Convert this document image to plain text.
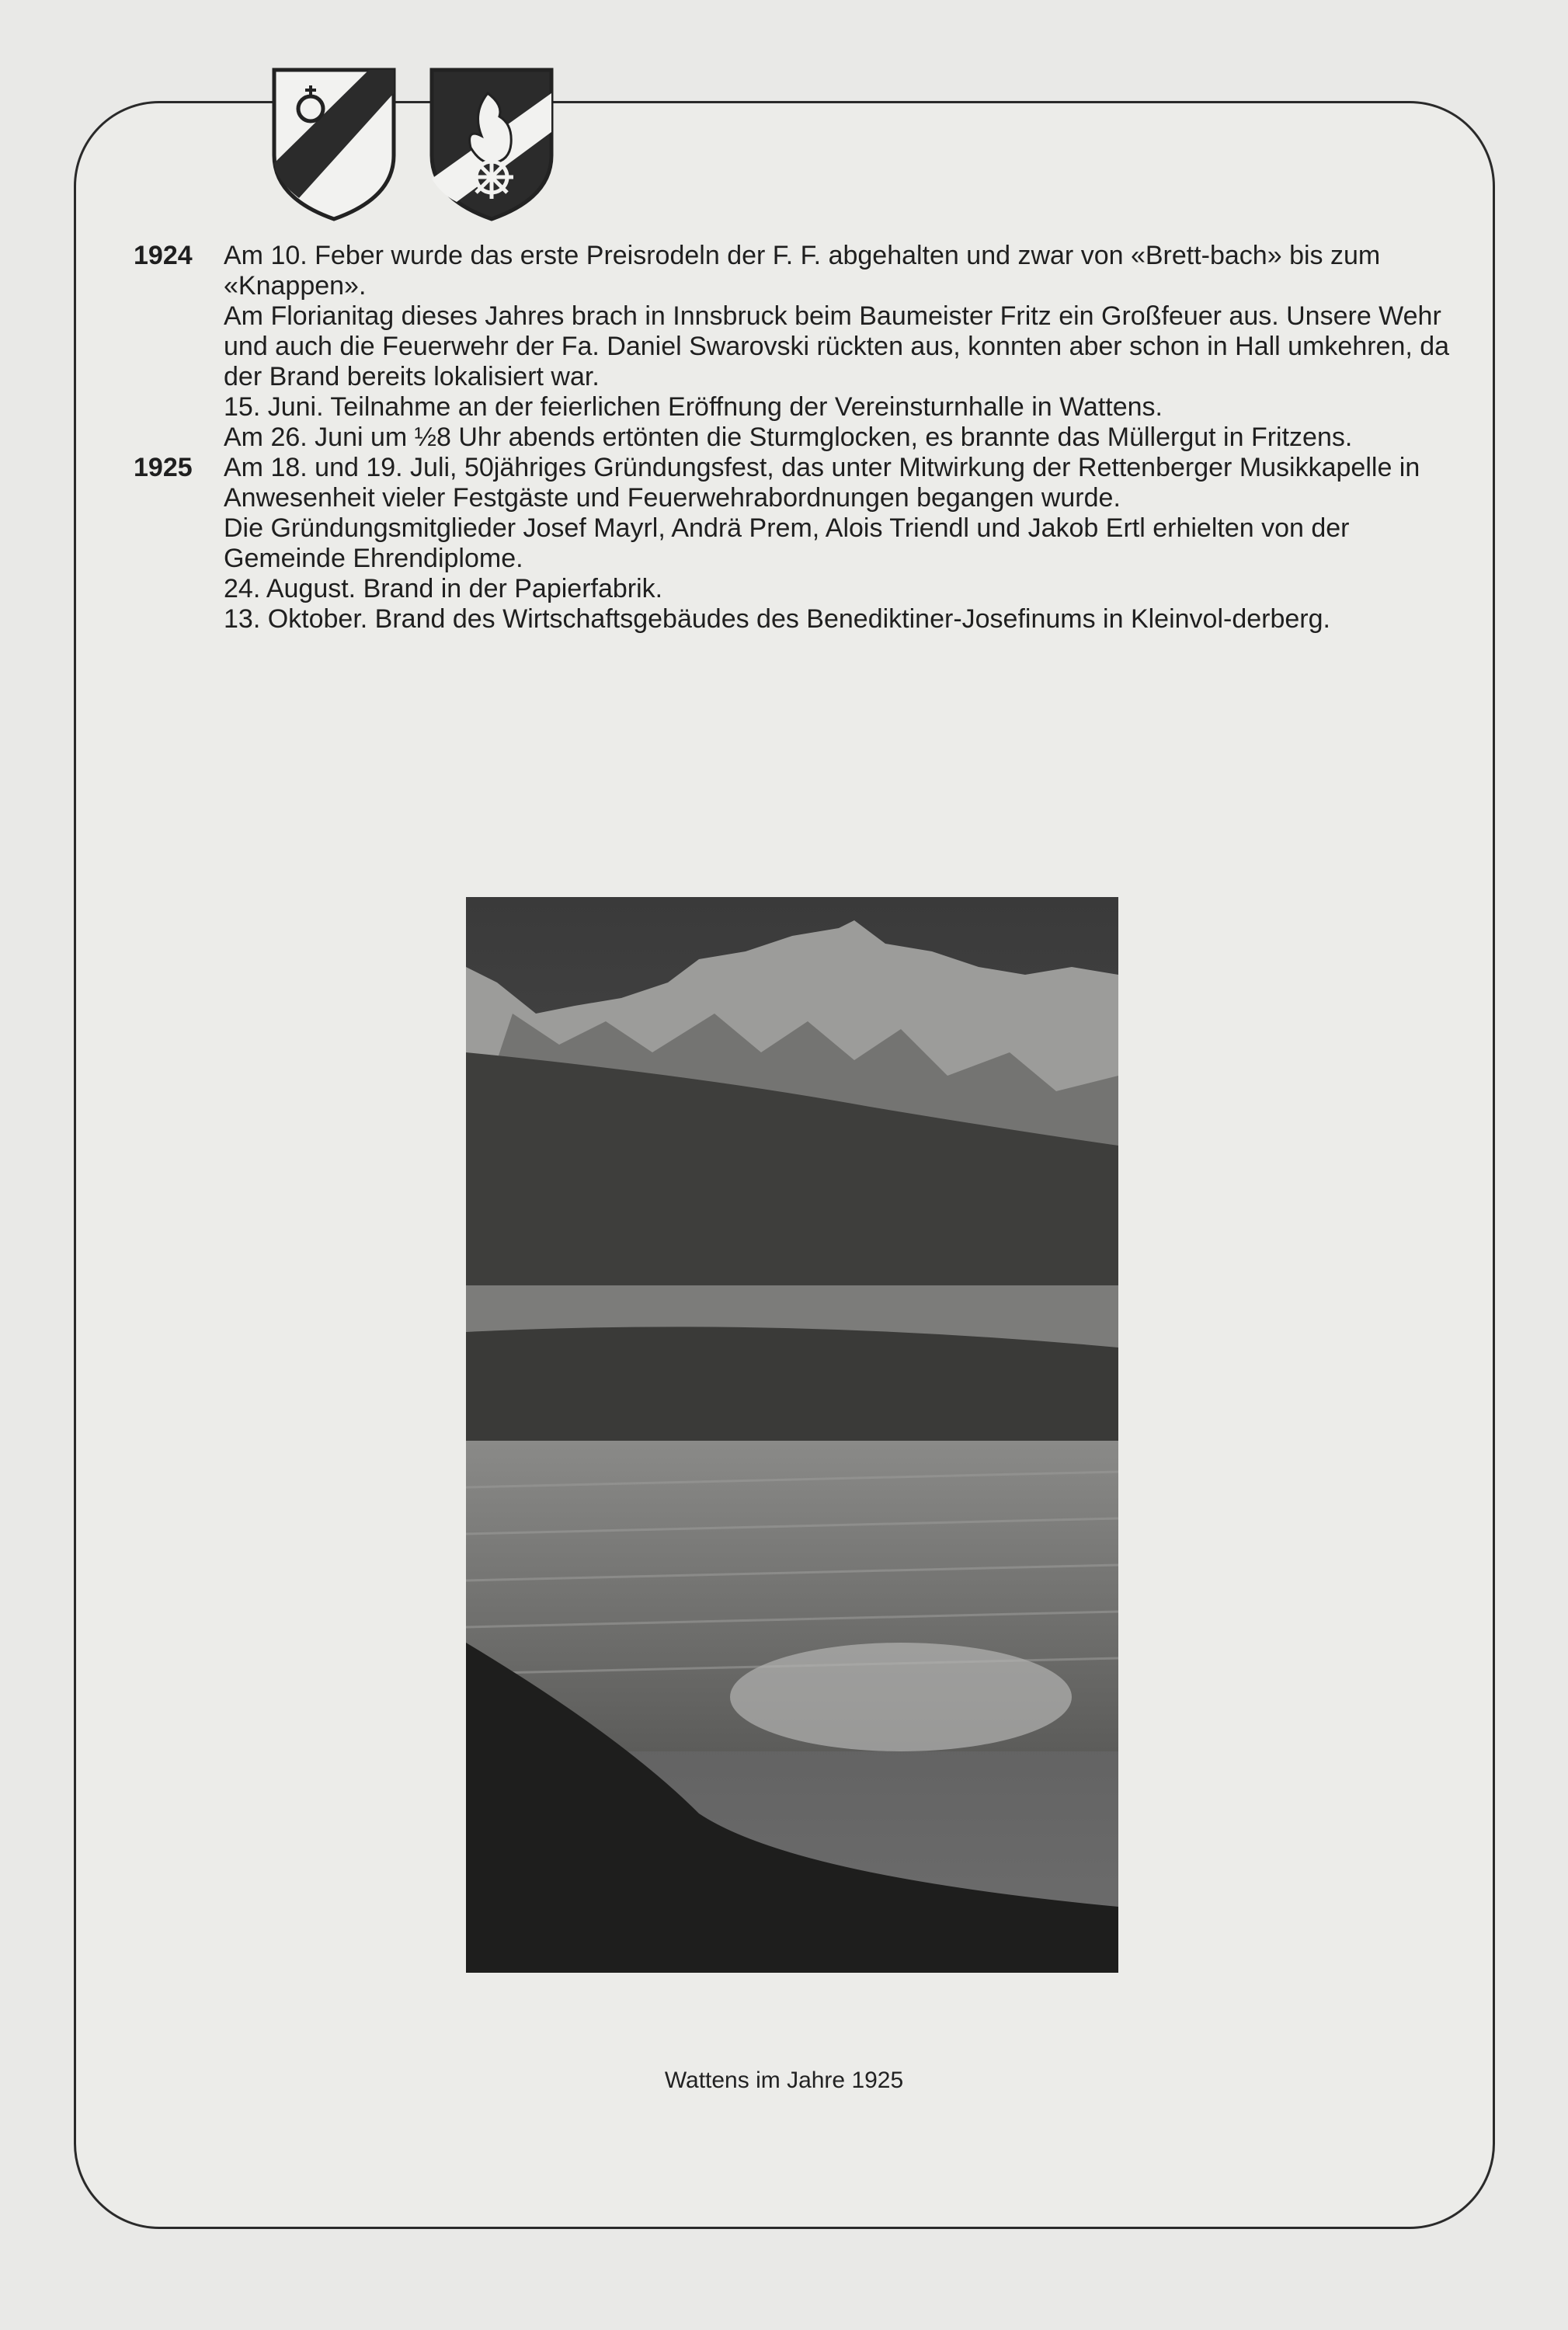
1924	Am 10. Feber wurde das erste Preisrodeln der F. F. abgehalten und zwar von «Brett-bach» bis zum «Knappen».

Am Florianitag dieses Jahres brach in Innsbruck beim Baumeister Fritz ein Großfeuer aus. Unsere Wehr und auch die Feuerwehr der Fa. Daniel Swarovski rückten aus, konnten aber schon in Hall umkehren, da der Brand bereits lokalisiert war.

15. Juni. Teilnahme an der feierlichen Eröffnung der Vereinsturnhalle in Wattens.

Am 26. Juni um ½8 Uhr abends ertönten die Sturmglocken, es brannte das Müllergut in Fritzens.

1925	Am 18. und 19. Juli, 50jähriges Gründungsfest, das unter Mitwirkung der Rettenberger Musikkapelle in Anwesenheit vieler Festgäste und Feuerwehrabordnungen begangen wurde.

Die Gründungsmitglieder Josef Mayrl, Andrä Prem, Alois Triendl und Jakob Ertl erhielten von der Gemeinde Ehrendiplome.

24. August. Brand in der Papierfabrik.

13. Oktober. Brand des Wirtschaftsgebäudes des Benediktiner-Josefinums in Kleinvol-derberg.

Wattens im Jahre 1925
